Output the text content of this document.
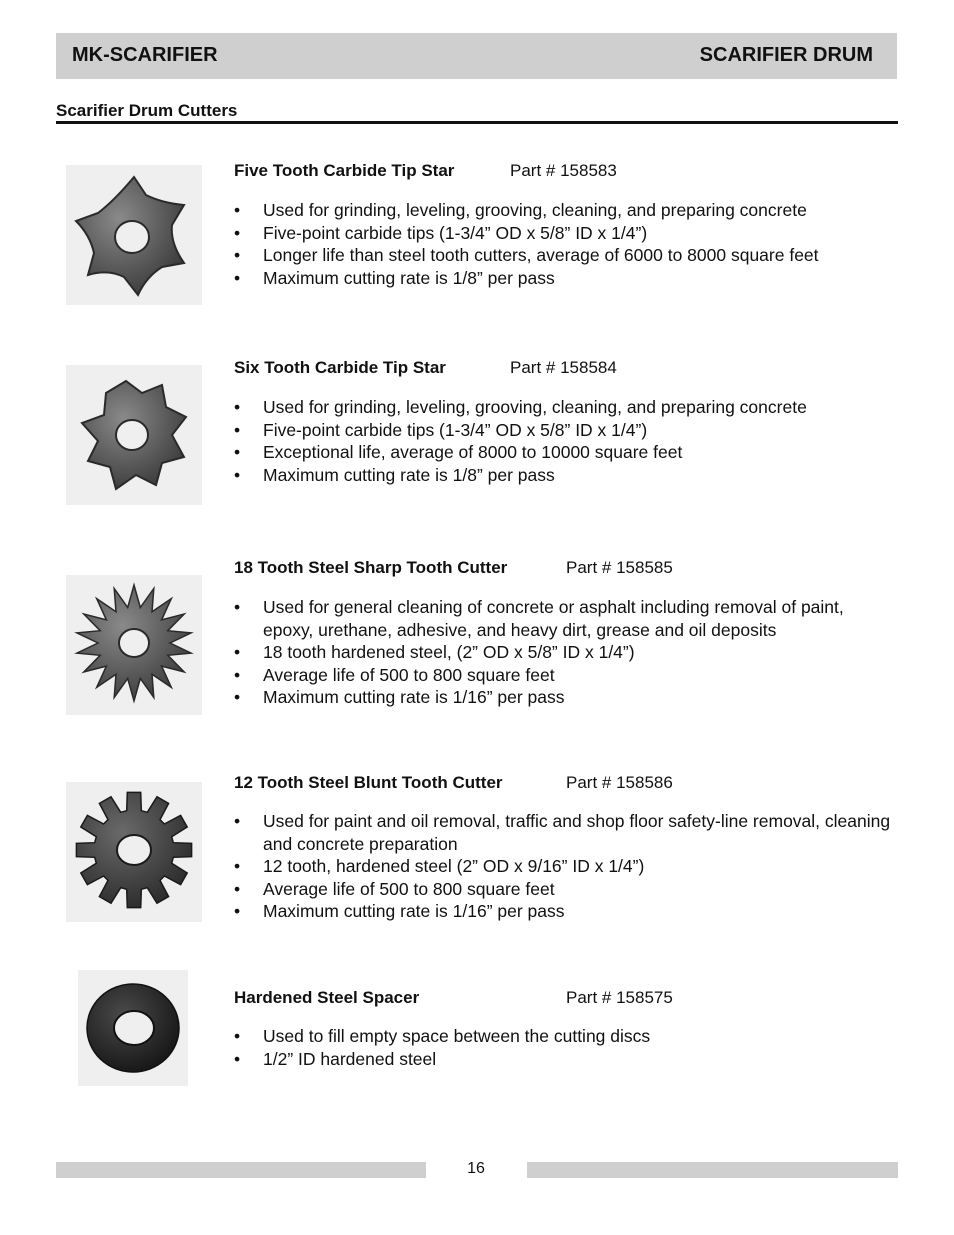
MK-SCARIFIER	SCARIFIER DRUM
Scarifier Drum Cutters
Five Tooth Carbide Tip Star	Part # 158583
• Used for grinding, leveling, grooving, cleaning, and preparing concrete
• Five-point carbide tips (1-3/4” OD x 5/8” ID x 1/4”)
• Longer life than steel tooth cutters, average of 6000 to 8000 square feet
• Maximum cutting rate is 1/8” per pass
Six Tooth Carbide Tip Star	Part # 158584
• Used for grinding, leveling, grooving, cleaning, and preparing concrete
• Five-point carbide tips (1-3/4” OD x 5/8” ID x 1/4”)
• Exceptional life, average of 8000 to 10000 square feet
• Maximum cutting rate is 1/8” per pass
18 Tooth Steel Sharp Tooth Cutter	Part # 158585
• Used for general cleaning of concrete or asphalt including removal of paint, epoxy, urethane, adhesive, and heavy dirt, grease and oil deposits
• 18 tooth hardened steel, (2” OD x 5/8” ID x 1/4”)
• Average life of 500 to 800 square feet
• Maximum cutting rate is 1/16” per pass
12 Tooth Steel Blunt Tooth Cutter	Part # 158586
• Used for paint and oil removal, traffic and shop floor safety-line removal, cleaning and concrete preparation
• 12 tooth, hardened steel (2” OD x 9/16” ID x 1/4”)
• Average life of 500 to 800 square feet
• Maximum cutting rate is 1/16” per pass
Hardened Steel Spacer	Part # 158575
• Used to fill empty space between the cutting discs
• 1/2” ID hardened steel
16
